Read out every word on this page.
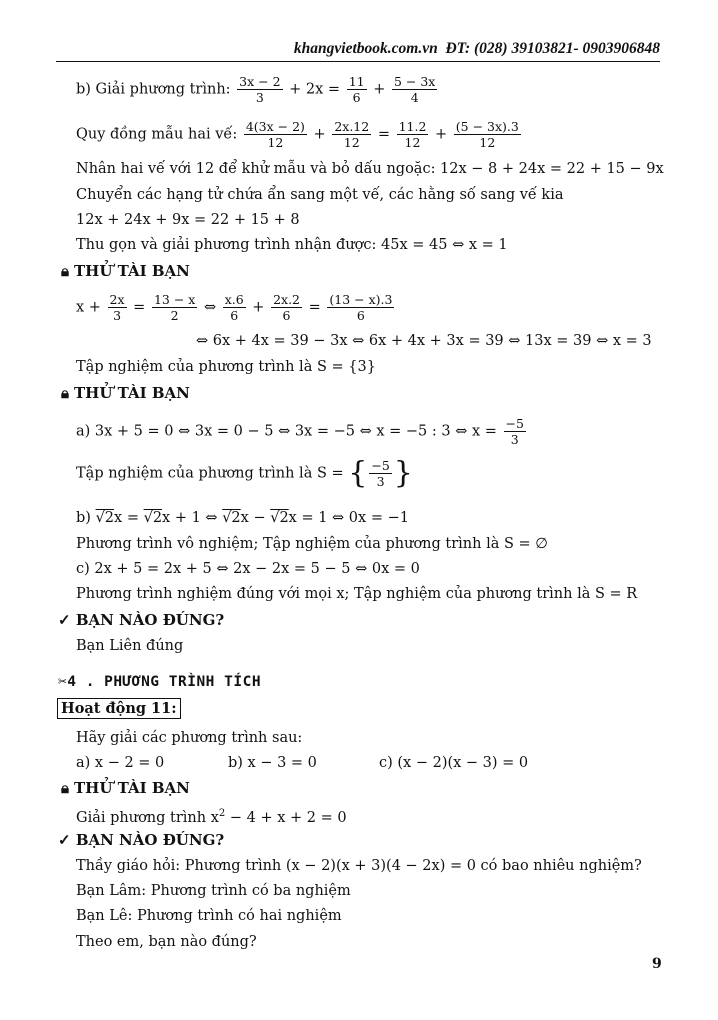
khangvietbook.com.vn ĐT: (028) 39103821- 0903906848
b) Giải phương trình: $\frac{3x - 2}{3} + 2x = \frac{11}{6} + \frac{5 - 3x}{4}$
Quy đồng mẫu hai vế: $\frac{4(3x - 2)}{12} + \frac{2x.12}{12} = \frac{11.2}{12} + \frac{(5 - 3x).3}{12}$
Nhân hai vế với 12 để khử mẫu và bỏ dấu ngoặc: 12x − 8 + 24x = 22 + 15 − 9x
Chuyển các hạng tử chứa ẩn sang một vế, các hằng số sang vế kia
12x + 24x + 9x = 22 + 15 + 8
Thu gọn và giải phương trình nhận được: 45x = 45 ⇔ x = 1
🔒︎ THỬ TÀI BẠN
$x + \frac{2x}{3} = \frac{13 - x}{2}$ ⇔ $\frac{x.6}{6} + \frac{2x.2}{6} = \frac{(13 - x).3}{6}$
⇔ 6x + 4x = 39 − 3x ⇔ 6x + 4x + 3x = 39 ⇔ 13x = 39 ⇔ x = 3
Tập nghiệm của phương trình là S = {3}
🔒︎ THỬ TÀI BẠN
a) 3x + 5 = 0 ⇔ 3x = 0 − 5 ⇔ 3x = −5 ⇔ x = −5 : 3 ⇔ $x = \frac{-5}{3}$
Tập nghiệm của phương trình là S = { $\frac{-5}{3}$ }
b) √2x = √2x + 1 ⇔ √2x − √2x = 1 ⇔ 0x = −1
Phương trình vô nghiệm; Tập nghiệm của phương trình là S = ∅
c) 2x + 5 = 2x + 5 ⇔ 2x − 2x = 5 − 5 ⇔ 0x = 0
Phương trình nghiệm đúng với mọi x; Tập nghiệm của phương trình là S = R
✓ BẠN NÀO ĐÚNG?
Bạn Liên đúng
✂4 . PHƯƠNG TRÌNH TÍCH
Hoạt động 11:
Hãy giải các phương trình sau:
a) x − 2 = 0	b) x − 3 = 0	c) (x − 2)(x − 3) = 0
🔒︎ THỬ TÀI BẠN
Giải phương trình $x^2 - 4 + x + 2 = 0$
✓ BẠN NÀO ĐÚNG?
Thầy giáo hỏi: Phương trình (x − 2)(x + 3)(4 − 2x) = 0 có bao nhiêu nghiệm?
Bạn Lâm: Phương trình có ba nghiệm
Bạn Lê: Phương trình có hai nghiệm
Theo em, bạn nào đúng?
9
